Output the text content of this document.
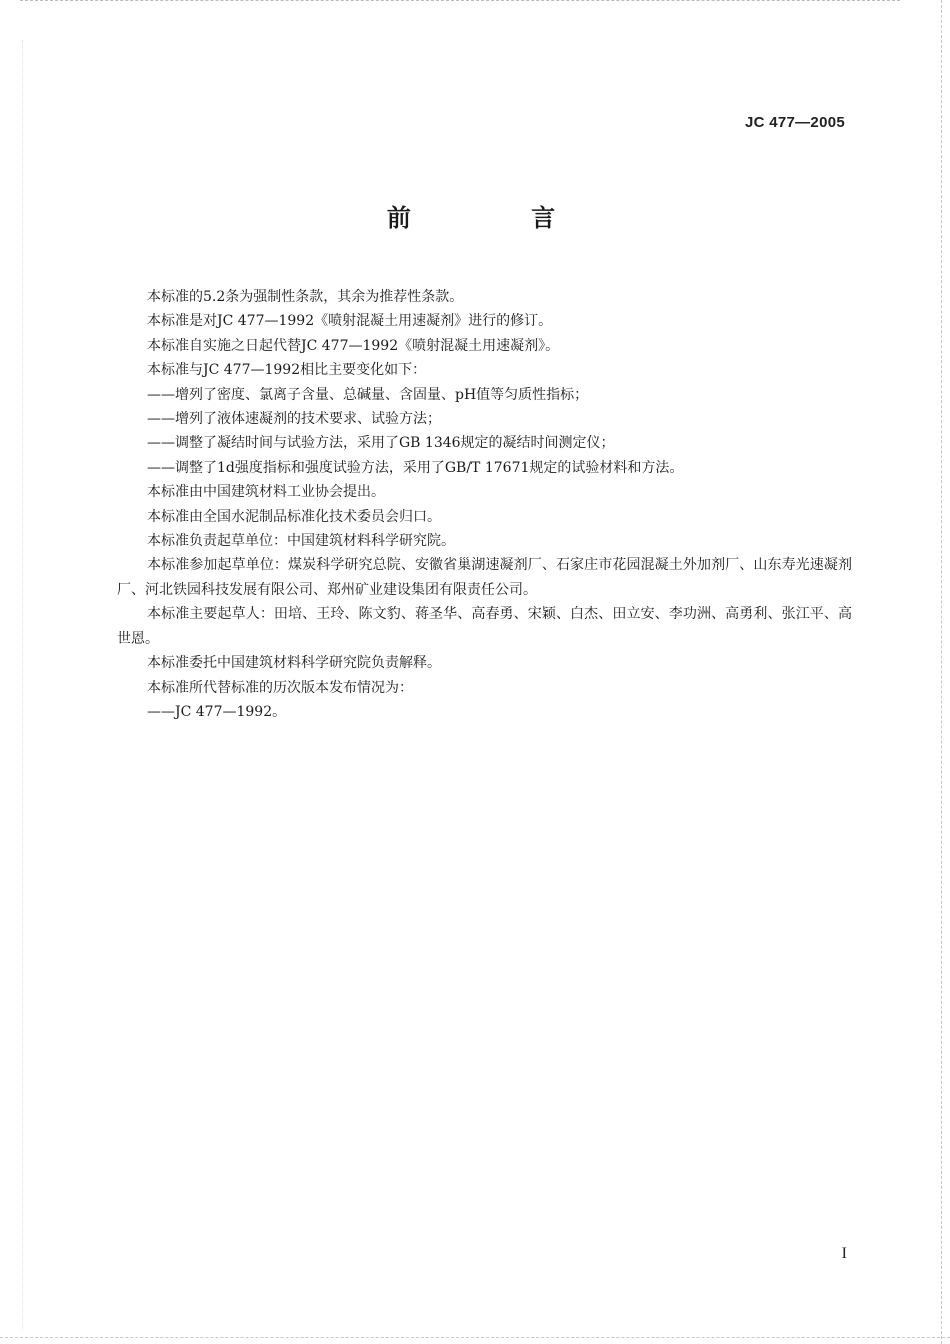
JC 477—2005
前 言

本标准的5.2条为强制性条款，其余为推荐性条款。

本标准是对JC 477—1992《喷射混凝土用速凝剂》进行的修订。

本标准自实施之日起代替JC 477—1992《喷射混凝土用速凝剂》。

本标准与JC 477—1992相比主要变化如下：

——增列了密度、氯离子含量、总碱量、含固量、pH值等匀质性指标；

——增列了液体速凝剂的技术要求、试验方法；

——调整了凝结时间与试验方法，采用了GB 1346规定的凝结时间测定仪；

——调整了1d强度指标和强度试验方法，采用了GB/T 17671规定的试验材料和方法。

本标准由中国建筑材料工业协会提出。

本标准由全国水泥制品标准化技术委员会归口。

本标准负责起草单位：中国建筑材料科学研究院。

本标准参加起草单位：煤炭科学研究总院、安徽省巢湖速凝剂厂、石家庄市花园混凝土外加剂厂、山东寿光速凝剂厂、河北铁园科技发展有限公司、郑州矿业建设集团有限责任公司。

本标准主要起草人：田培、王玲、陈文豹、蒋圣华、高春勇、宋颖、白杰、田立安、李功洲、高勇利、张江平、高世恩。

本标准委托中国建筑材料科学研究院负责解释。

本标准所代替标准的历次版本发布情况为：

——JC 477—1992。

I
